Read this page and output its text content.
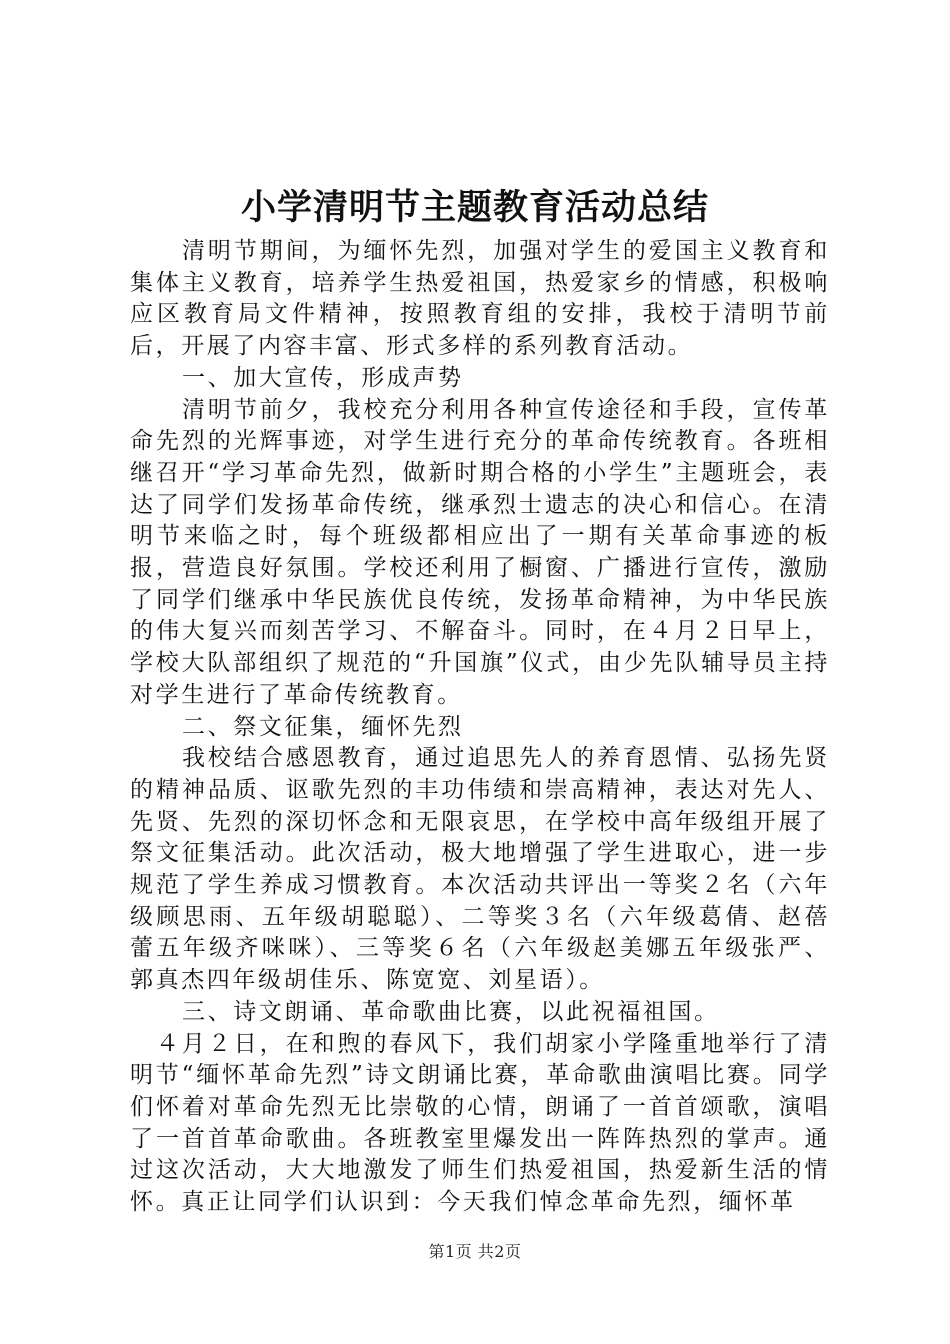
小学清明节主题教育活动总结

清明节期间，为缅怀先烈，加强对学生的爱国主义教育和集体主义教育，培养学生热爱祖国，热爱家乡的情感，积极响应区教育局文件精神，按照教育组的安排，我校于清明节前后，开展了内容丰富、形式多样的系列教育活动。

一、加大宣传，形成声势

清明节前夕，我校充分利用各种宣传途径和手段，宣传革命先烈的光辉事迹，对学生进行充分的革命传统教育。各班相继召开“学习革命先烈，做新时期合格的小学生”主题班会，表达了同学们发扬革命传统，继承烈士遗志的决心和信心。在清明节来临之时，每个班级都相应出了一期有关革命事迹的板报，营造良好氛围。学校还利用了橱窗、广播进行宣传，激励了同学们继承中华民族优良传统，发扬革命精神，为中华民族的伟大复兴而刻苦学习、不解奋斗。同时，在４月２日早上，学校大队部组织了规范的“升国旗”仪式，由少先队辅导员主持对学生进行了革命传统教育。

二、祭文征集，缅怀先烈

我校结合感恩教育，通过追思先人的养育恩情、弘扬先贤的精神品质、讴歌先烈的丰功伟绩和崇高精神，表达对先人、先贤、先烈的深切怀念和无限哀思，在学校中高年级组开展了祭文征集活动。此次活动，极大地增强了学生进取心，进一步规范了学生养成习惯教育。本次活动共评出一等奖２名（六年级顾思雨、五年级胡聪聪）、二等奖３名（六年级葛倩、赵蓓蕾五年级齐咪咪）、三等奖６名（六年级赵美娜五年级张严、郭真杰四年级胡佳乐、陈宽宽、刘星语）。

三、诗文朗诵、革命歌曲比赛，以此祝福祖国。

４月２日，在和煦的春风下，我们胡家小学隆重地举行了清明节“缅怀革命先烈”诗文朗诵比赛，革命歌曲演唱比赛。同学们怀着对革命先烈无比崇敬的心情，朗诵了一首首颂歌，演唱了一首首革命歌曲。各班教室里爆发出一阵阵热烈的掌声。通过这次活动，大大地激发了师生们热爱祖国，热爱新生活的情怀。真正让同学们认识到：今天我们悼念革命先烈，缅怀革

第1页 共2页
